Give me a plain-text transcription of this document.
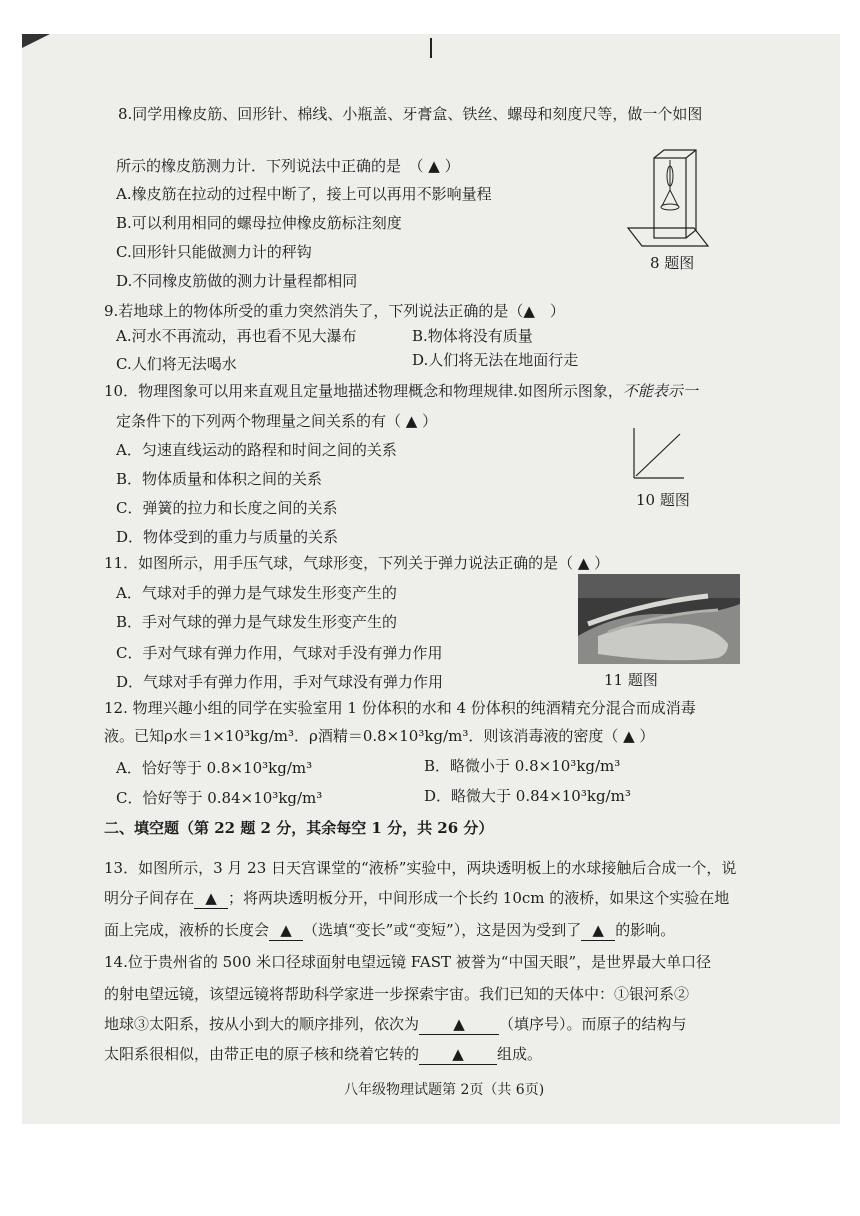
8.同学用橡皮筋、回形针、棉线、小瓶盖、牙膏盒、铁丝、螺母和刻度尺等，做一个如图
所示的橡皮筋测力计．下列说法中正确的是　（ ▲ ）
A.橡皮筋在拉动的过程中断了，接上可以再用不影响量程
B.可以利用相同的螺母拉伸橡皮筋标注刻度
C.回形针只能做测力计的秤钩
D.不同橡皮筋做的测力计量程都相同
8 题图
9.若地球上的物体所受的重力突然消失了，下列说法正确的是（▲　）
A.河水不再流动，再也看不见大瀑布	B.物体将没有质量
C.人们将无法喝水	D.人们将无法在地面行走
10．物理图象可以用来直观且定量地描述物理概念和物理规律.如图所示图象，不能表示一
定条件下的下列两个物理量之间关系的有（ ▲ ）
A．匀速直线运动的路程和时间之间的关系
B．物体质量和体积之间的关系
C．弹簧的拉力和长度之间的关系
D．物体受到的重力与质量的关系
10 题图
11．如图所示，用手压气球，气球形变，下列关于弹力说法正确的是（ ▲ ）
A．气球对手的弹力是气球发生形变产生的
B．手对气球的弹力是气球发生形变产生的
C．手对气球有弹力作用，气球对手没有弹力作用
D．气球对手有弹力作用，手对气球没有弹力作用	11 题图
12. 物理兴趣小组的同学在实验室用 1 份体积的水和 4 份体积的纯酒精充分混合而成消毒
液。已知ρ水＝1×10³kg/m³．ρ酒精＝0.8×10³kg/m³．则该消毒液的密度（ ▲ ）
A．恰好等于 0.8×10³kg/m³	B．略微小于 0.8×10³kg/m³
C．恰好等于 0.84×10³kg/m³	D．略微大于 0.84×10³kg/m³
二、填空题（第 22 题 2 分，其余每空 1 分，共 26 分）
13．如图所示，3 月 23 日天宫课堂的“液桥”实验中，两块透明板上的水球接触后合成一个，说
明分子间存在 ▲ ；将两块透明板分开，中间形成一个长约 10cm 的液桥，如果这个实验在地
面上完成，液桥的长度会 ▲ （选填“变长”或“变短”），这是因为受到了 ▲ 的影响。
14.位于贵州省的 500 米口径球面射电望远镜 FAST 被誉为“中国天眼”，是世界最大单口径
的射电望远镜，该望远镜将帮助科学家进一步探索宇宙。我们已知的天体中：①银河系②
地球③太阳系，按从小到大的顺序排列，依次为 ▲ （填序号）。而原子的结构与
太阳系很相似，由带正电的原子核和绕着它转的 ▲ 组成。
八年级物理试题第 2页（共 6页)
